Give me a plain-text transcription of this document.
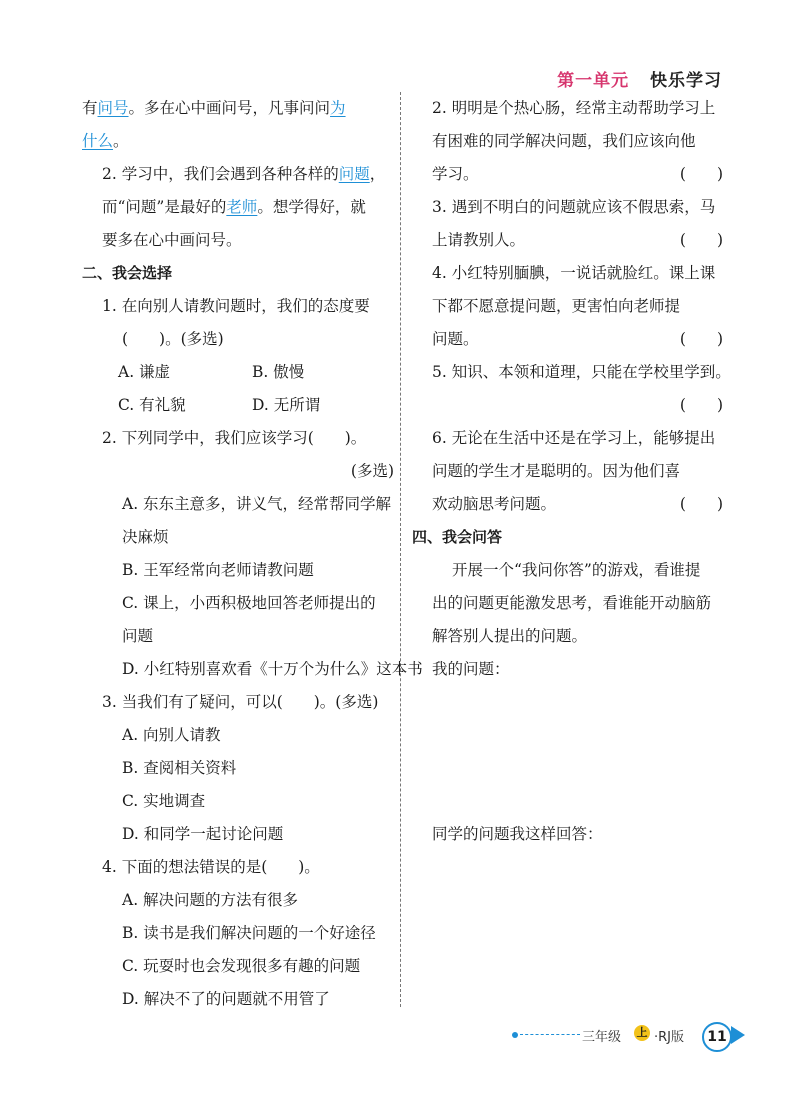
第一单元 快乐学习
有问号。多在心中画问号，凡事问问为
什么。
2. 学习中，我们会遇到各种各样的问题，
而“问题”是最好的老师。想学得好，就
要多在心中画问号。
二、我会选择
1. 在向别人请教问题时，我们的态度要
(　　)。(多选)
A. 谦虚	B. 傲慢
C. 有礼貌	D. 无所谓
2. 下列同学中，我们应该学习(　　)。
(多选)
A. 东东主意多，讲义气，经常帮同学解
决麻烦
B. 王军经常向老师请教问题
C. 课上，小西积极地回答老师提出的
问题
D. 小红特别喜欢看《十万个为什么》这本书
3. 当我们有了疑问，可以(　　)。(多选)
A. 向别人请教
B. 查阅相关资料
C. 实地调查
D. 和同学一起讨论问题
4. 下面的想法错误的是(　　)。
A. 解决问题的方法有很多
B. 读书是我们解决问题的一个好途径
C. 玩耍时也会发现很多有趣的问题
D. 解决不了的问题就不用管了
2. 明明是个热心肠，经常主动帮助学习上
有困难的同学解决问题，我们应该向他
学习。	(　　)
3. 遇到不明白的问题就应该不假思索，马
上请教别人。	(　　)
4. 小红特别腼腆，一说话就脸红。课上课
下都不愿意提问题，更害怕向老师提
问题。	(　　)
5. 知识、本领和道理，只能在学校里学到。
(　　)
6. 无论在生活中还是在学习上，能够提出
问题的学生才是聪明的。因为他们喜
欢动脑思考问题。	(　　)
四、我会问答
开展一个“我问你答”的游戏，看谁提
出的问题更能激发思考，看谁能开动脑筋
解答别人提出的问题。
我的问题：
同学的问题我这样回答：
三年级 上 ·RJ版	11
